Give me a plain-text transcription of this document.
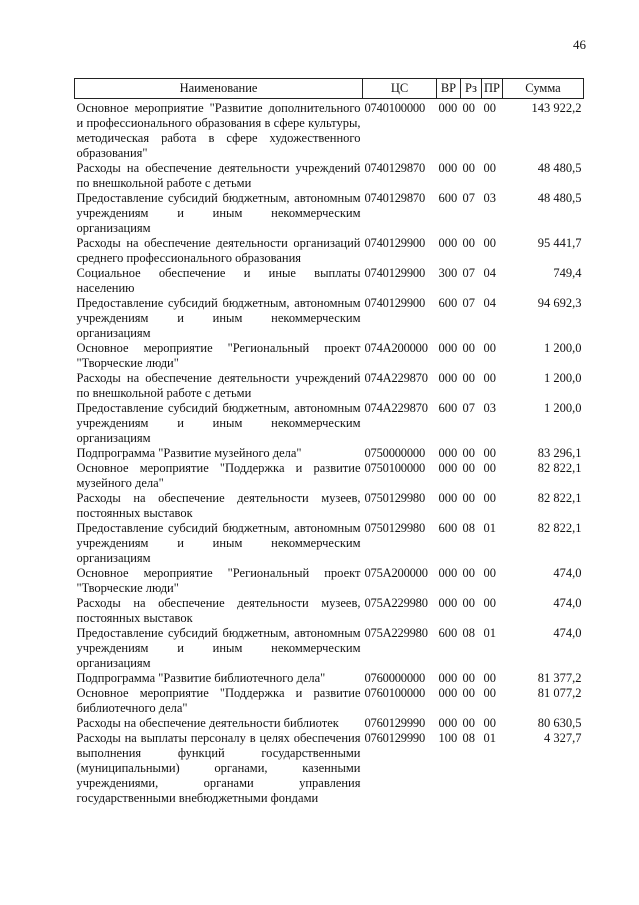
46
Наименование	ЦС	ВР	Рз	ПР	Сумма
Основное мероприятие "Развитие дополнительного и профессионального образования в сфере культуры, методическая работа в сфере художественного образования"	0740100000	000	00	00	143 922,2
Расходы на обеспечение деятельности учреждений по внешкольной работе с детьми	0740129870	000	00	00	48 480,5
Предоставление субсидий бюджетным, автономным учреждениям и иным некоммерческим организациям	0740129870	600	07	03	48 480,5
Расходы на обеспечение деятельности организаций среднего профессионального образования	0740129900	000	00	00	95 441,7
Социальное обеспечение и иные выплаты населению	0740129900	300	07	04	749,4
Предоставление субсидий бюджетным, автономным учреждениям и иным некоммерческим организациям	0740129900	600	07	04	94 692,3
Основное мероприятие "Региональный проект "Творческие люди"	074A200000	000	00	00	1 200,0
Расходы на обеспечение деятельности учреждений по внешкольной работе с детьми	074A229870	000	00	00	1 200,0
Предоставление субсидий бюджетным, автономным учреждениям и иным некоммерческим организациям	074A229870	600	07	03	1 200,0
Подпрограмма "Развитие музейного дела"	0750000000	000	00	00	83 296,1
Основное мероприятие "Поддержка и развитие музейного дела"	0750100000	000	00	00	82 822,1
Расходы на обеспечение деятельности музеев, постоянных выставок	0750129980	000	00	00	82 822,1
Предоставление субсидий бюджетным, автономным учреждениям и иным некоммерческим организациям	0750129980	600	08	01	82 822,1
Основное мероприятие "Региональный проект "Творческие люди"	075A200000	000	00	00	474,0
Расходы на обеспечение деятельности музеев, постоянных выставок	075A229980	000	00	00	474,0
Предоставление субсидий бюджетным, автономным учреждениям и иным некоммерческим организациям	075A229980	600	08	01	474,0
Подпрограмма "Развитие библиотечного дела"	0760000000	000	00	00	81 377,2
Основное мероприятие "Поддержка и развитие библиотечного дела"	0760100000	000	00	00	81 077,2
Расходы на обеспечение деятельности библиотек	0760129990	000	00	00	80 630,5
Расходы на выплаты персоналу в целях обеспечения выполнения функций государственными (муниципальными) органами, казенными учреждениями, органами управления государственными внебюджетными фондами	0760129990	100	08	01	4 327,7
